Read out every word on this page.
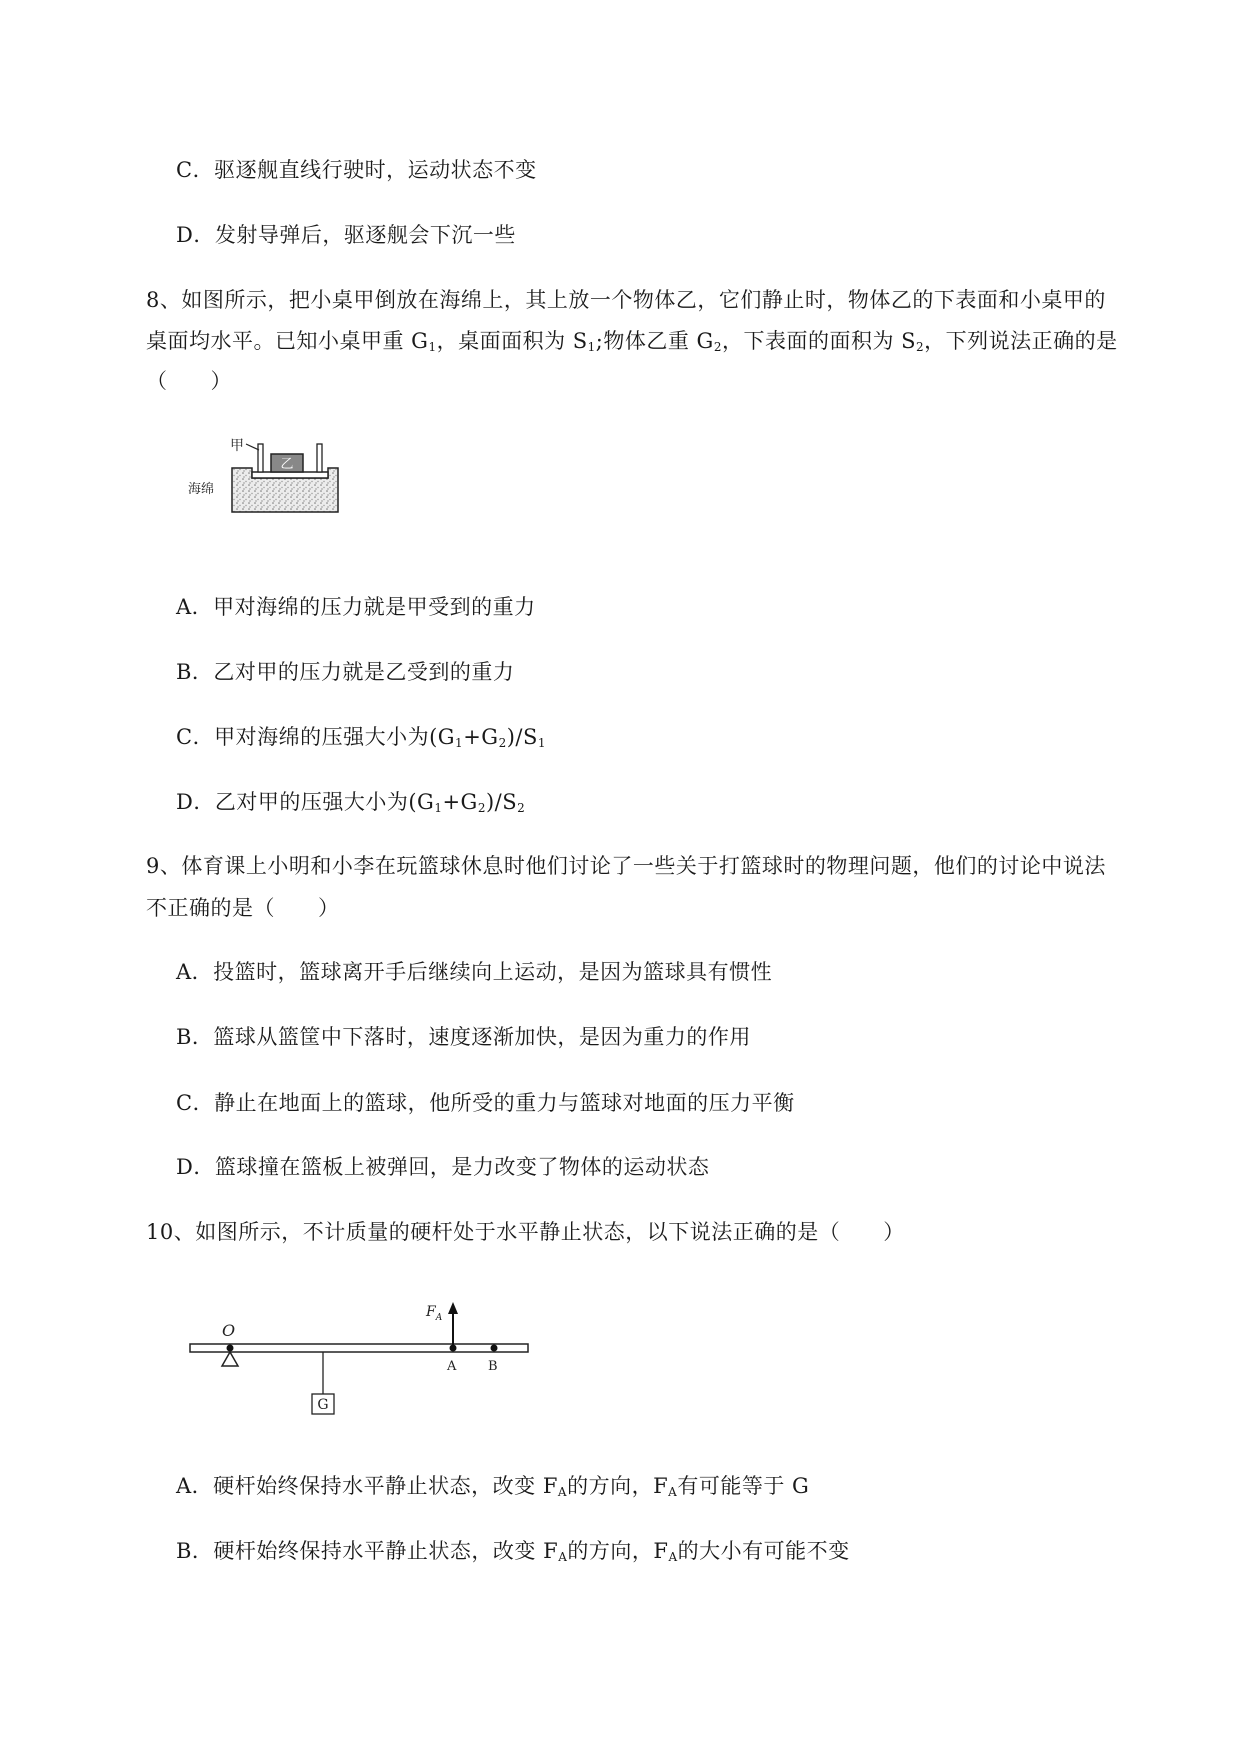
C．驱逐舰直线行驶时，运动状态不变
D．发射导弹后，驱逐舰会下沉一些
8、如图所示，把小桌甲倒放在海绵上，其上放一个物体乙，它们静止时，物体乙的下表面和小桌甲的
桌面均水平。已知小桌甲重 $G_1$，桌面面积为 $S_1$;物体乙重 $G_2$，下表面的面积为 $S_2$，下列说法正确的是
（　　）
乙
甲
海绵
A．甲对海绵的压力就是甲受到的重力
B．乙对甲的压力就是乙受到的重力
C．甲对海绵的压强大小为$(G_1+G_2)/S_1$
D．乙对甲的压强大小为$(G_1+G_2)/S_2$
9、体育课上小明和小李在玩篮球休息时他们讨论了一些关于打篮球时的物理问题，他们的讨论中说法
不正确的是（　　）
A．投篮时，篮球离开手后继续向上运动，是因为篮球具有惯性
B．篮球从篮筐中下落时，速度逐渐加快，是因为重力的作用
C．静止在地面上的篮球，他所受的重力与篮球对地面的压力平衡
D．篮球撞在篮板上被弹回，是力改变了物体的运动状态
10、如图所示，不计质量的硬杆处于水平静止状态，以下说法正确的是（　　）
O
G
$F_A$
A B
A．硬杆始终保持水平静止状态，改变 $F_A$的方向，$F_A$有可能等于 G
B．硬杆始终保持水平静止状态，改变 $F_A$的方向，$F_A$的大小有可能不变
